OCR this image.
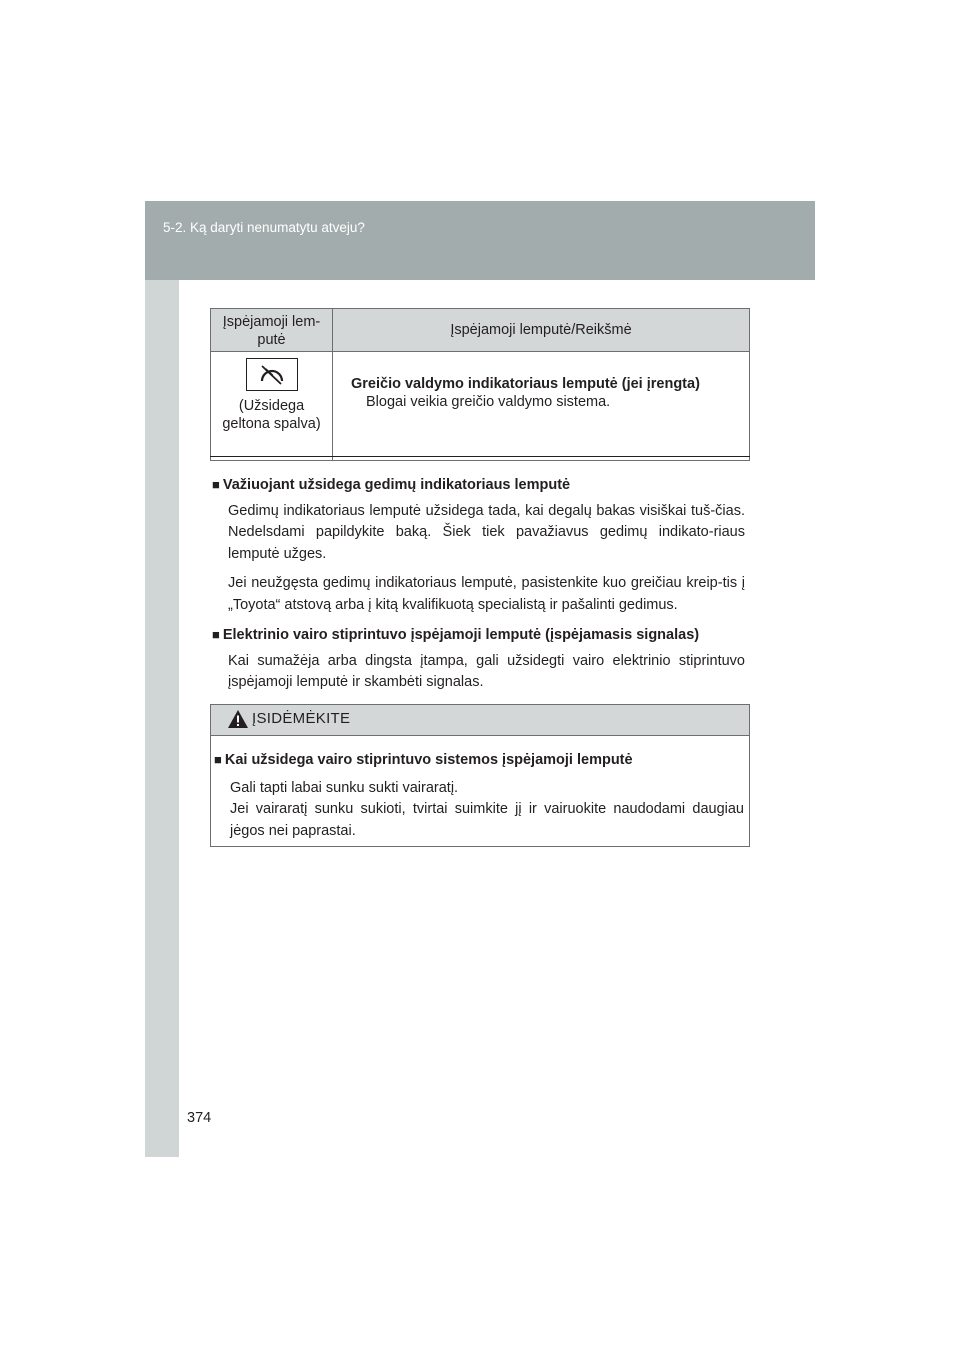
5-2. Ką daryti nenumatytu atveju?
Įspėjamoji lem-
putė	Įspėjamoji lemputė/Reikšmė

(Užsidega
geltona spalva)	Greičio valdymo indikatoriaus lemputė (jei įrengta)

Blogai veikia greičio valdymo sistema.

■ Važiuojant užsidega gedimų indikatoriaus lemputė

Gedimų indikatoriaus lemputė užsidega tada, kai degalų bakas visiškai tuš-čias. Nedelsdami papildykite baką. Šiek tiek pavažiavus gedimų indikato-riaus lemputė užges.

Jei neužgęsta gedimų indikatoriaus lemputė, pasistenkite kuo greičiau kreip-tis į „Toyota“ atstovą arba į kitą kvalifikuotą specialistą ir pašalinti gedimus.

■ Elektrinio vairo stiprintuvo įspėjamoji lemputė (įspėjamasis signalas)

Kai sumažėja arba dingsta įtampa, gali užsidegti vairo elektrinio stiprintuvo įspėjamoji lemputė ir skambėti signalas.

ĮSIDĖMĖKITE

■ Kai užsidega vairo stiprintuvo sistemos įspėjamoji lemputė

Gali tapti labai sunku sukti vairaratį.
Jei vairaratį sunku sukioti, tvirtai suimkite jį ir vairuokite naudodami daugiau jėgos nei paprastai.

374
